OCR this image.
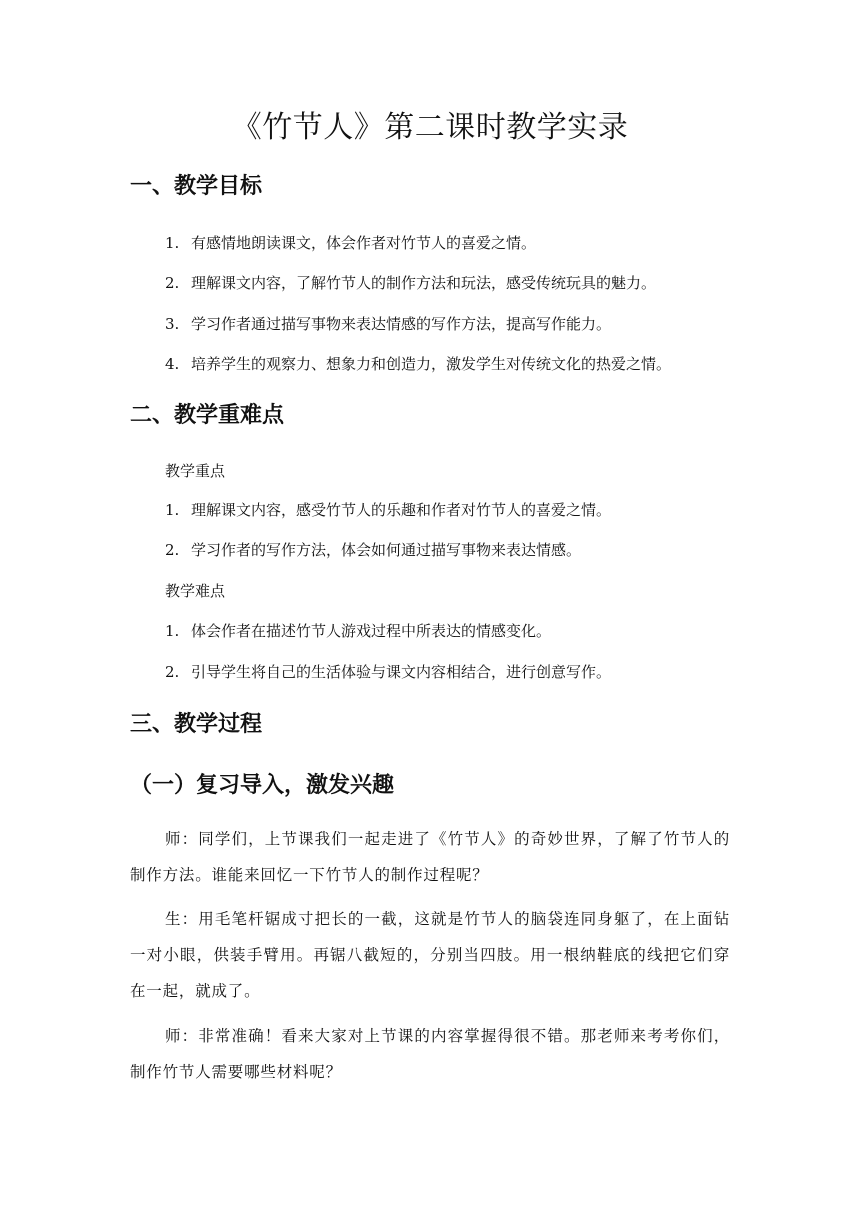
《竹节人》第二课时教学实录
一、教学目标
1. 有感情地朗读课文，体会作者对竹节人的喜爱之情。
2. 理解课文内容，了解竹节人的制作方法和玩法，感受传统玩具的魅力。
3. 学习作者通过描写事物来表达情感的写作方法，提高写作能力。
4. 培养学生的观察力、想象力和创造力，激发学生对传统文化的热爱之情。
二、教学重难点
教学重点
1. 理解课文内容，感受竹节人的乐趣和作者对竹节人的喜爱之情。
2. 学习作者的写作方法，体会如何通过描写事物来表达情感。
教学难点
1. 体会作者在描述竹节人游戏过程中所表达的情感变化。
2. 引导学生将自己的生活体验与课文内容相结合，进行创意写作。
三、教学过程
（一）复习导入，激发兴趣

师：同学们，上节课我们一起走进了《竹节人》的奇妙世界，了解了竹节人的制作方法。谁能来回忆一下竹节人的制作过程呢？

生：用毛笔杆锯成寸把长的一截，这就是竹节人的脑袋连同身躯了，在上面钻一对小眼，供装手臂用。再锯八截短的，分别当四肢。用一根纳鞋底的线把它们穿在一起，就成了。

师：非常准确！看来大家对上节课的内容掌握得很不错。那老师来考考你们，制作竹节人需要哪些材料呢？
